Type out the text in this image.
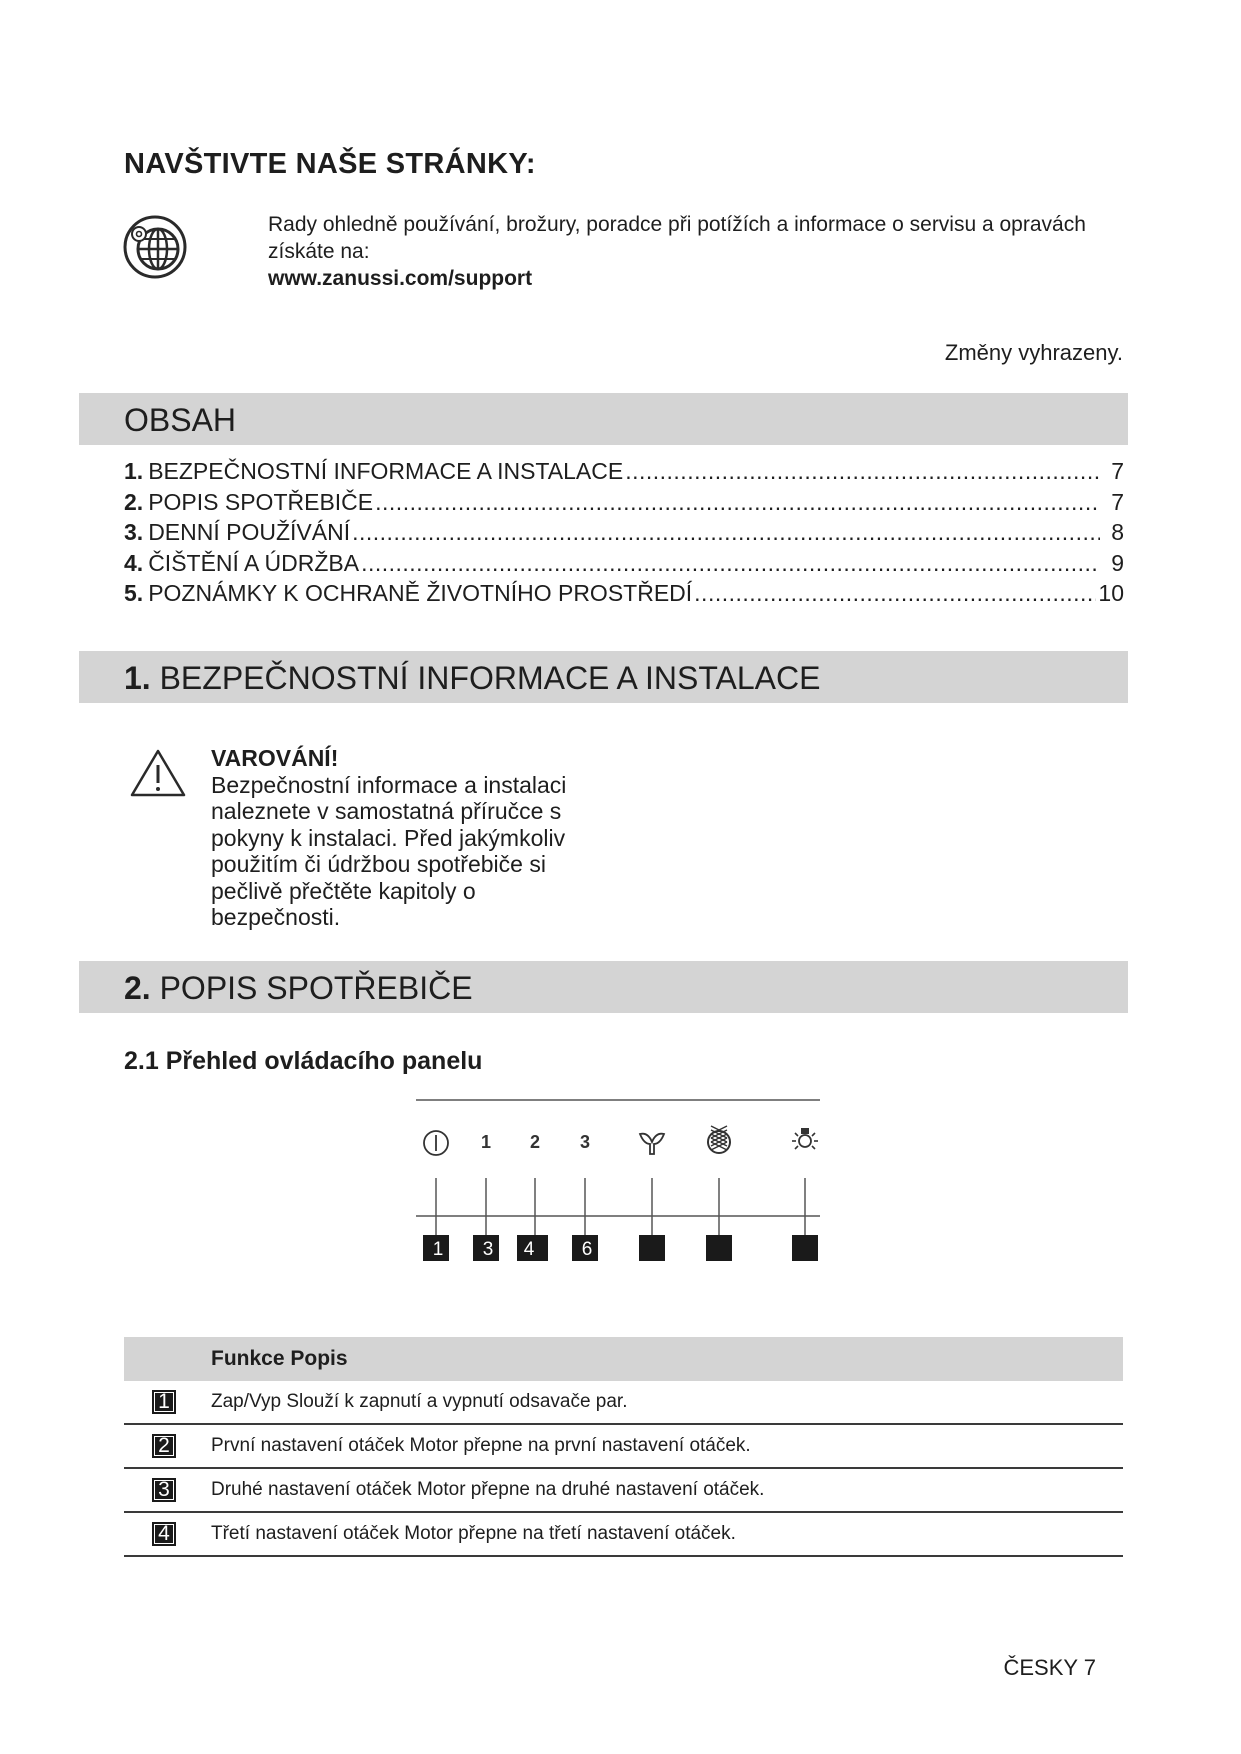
NAVŠTIVTE NAŠE STRÁNKY:
Rady ohledně používání, brožury, poradce při potížích a informace o servisu a opravách získáte na:
www.zanussi.com/support
Změny vyhrazeny.
OBSAH
1. BEZPEČNOSTNÍ INFORMACE A INSTALACE .....	7
2. POPIS SPOTŘEBIČE .....	7
3. DENNÍ POUŽÍVÁNÍ .....	8
4. ČIŠTĚNÍ A ÚDRŽBA .....	9
5. POZNÁMKY K OCHRANĚ ŽIVOTNÍHO PROSTŘEDÍ .....	10
1. BEZPEČNOSTNÍ INFORMACE A INSTALACE
VAROVÁNÍ!
Bezpečnostní informace a instalaci naleznete v samostatná příručce s pokyny k instalaci. Před jakýmkoliv použitím či údržbou spotřebiče si pečlivě přečtěte kapitoly o bezpečnosti.
2. POPIS SPOTŘEBIČE
2.1 Přehled ovládacího panelu
1 2 3
1 3 4 6
	Funkce Popis
1	Zap/Vyp Slouží k zapnutí a vypnutí odsavače par.
2	První nastavení otáček Motor přepne na první nastavení otáček.
3	Druhé nastavení otáček Motor přepne na druhé nastavení otáček.
4	Třetí nastavení otáček Motor přepne na třetí nastavení otáček.
ČESKY 7
